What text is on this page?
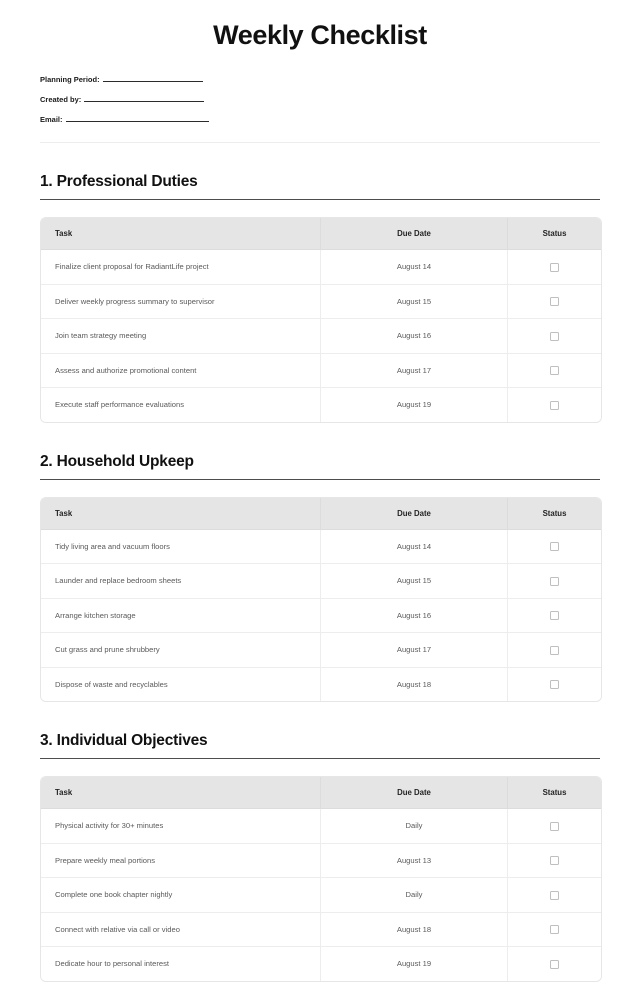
Weekly Checklist
Planning Period:
Created by:
Email:
1. Professional Duties
Task	Due Date	Status
Finalize client proposal for RadiantLife project	August 14	
Deliver weekly progress summary to supervisor	August 15	
Join team strategy meeting	August 16	
Assess and authorize promotional content	August 17	
Execute staff performance evaluations	August 19	
2. Household Upkeep
Task	Due Date	Status
Tidy living area and vacuum floors	August 14	
Launder and replace bedroom sheets	August 15	
Arrange kitchen storage	August 16	
Cut grass and prune shrubbery	August 17	
Dispose of waste and recyclables	August 18	
3. Individual Objectives
Task	Due Date	Status
Physical activity for 30+ minutes	Daily	
Prepare weekly meal portions	August 13	
Complete one book chapter nightly	Daily	
Connect with relative via call or video	August 18	
Dedicate hour to personal interest	August 19	
